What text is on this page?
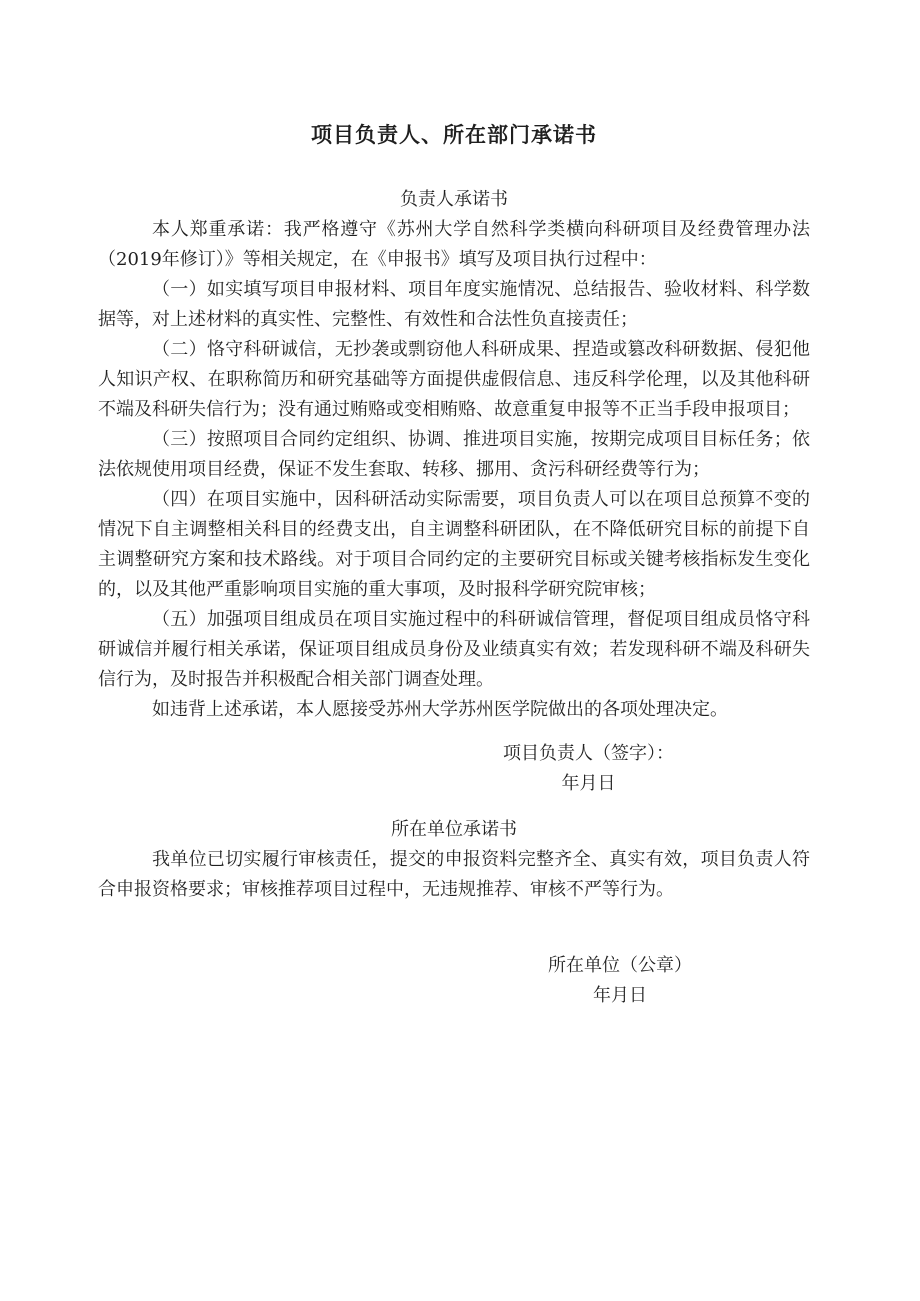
项目负责人、所在部门承诺书
负责人承诺书

本人郑重承诺：我严格遵守《苏州大学自然科学类横向科研项目及经费管理办法（2019年修订）》等相关规定，在《申报书》填写及项目执行过程中：

（一）如实填写项目申报材料、项目年度实施情况、总结报告、验收材料、科学数据等，对上述材料的真实性、完整性、有效性和合法性负直接责任；

（二）恪守科研诚信，无抄袭或剽窃他人科研成果、捏造或篡改科研数据、侵犯他人知识产权、在职称简历和研究基础等方面提供虚假信息、违反科学伦理，以及其他科研不端及科研失信行为；没有通过贿赂或变相贿赂、故意重复申报等不正当手段申报项目；

（三）按照项目合同约定组织、协调、推进项目实施，按期完成项目目标任务；依法依规使用项目经费，保证不发生套取、转移、挪用、贪污科研经费等行为；

（四）在项目实施中，因科研活动实际需要，项目负责人可以在项目总预算不变的情况下自主调整相关科目的经费支出，自主调整科研团队，在不降低研究目标的前提下自主调整研究方案和技术路线。对于项目合同约定的主要研究目标或关键考核指标发生变化的，以及其他严重影响项目实施的重大事项，及时报科学研究院审核；

（五）加强项目组成员在项目实施过程中的科研诚信管理，督促项目组成员恪守科研诚信并履行相关承诺，保证项目组成员身份及业绩真实有效；若发现科研不端及科研失信行为，及时报告并积极配合相关部门调查处理。

如违背上述承诺，本人愿接受苏州大学苏州医学院做出的各项处理决定。

项目负责人（签字）：
年月日
所在单位承诺书

我单位已切实履行审核责任，提交的申报资料完整齐全、真实有效，项目负责人符合申报资格要求；审核推荐项目过程中，无违规推荐、审核不严等行为。

所在单位（公章）
年月日
